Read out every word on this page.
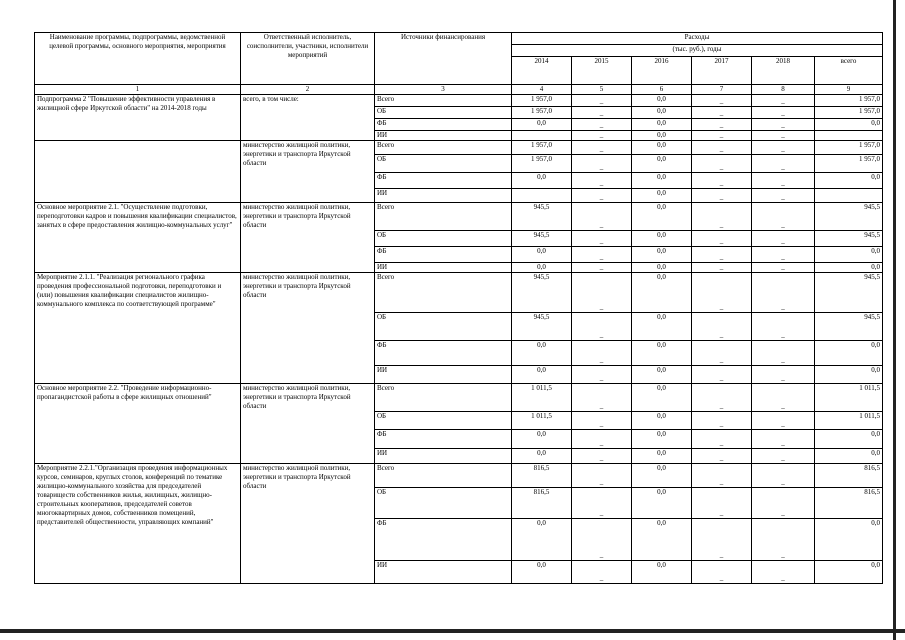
Наименование программы, подпрограммы, ведомственной целевой программы, основного мероприятия, мероприятия	Ответственный исполнитель, соисполнители, участники, исполнители мероприятий	Источники финансирования	Расходы					
			(тыс. руб.), годы					
			2014	2015	2016	2017	2018	всего
1	2	3	4	5	6	7	8	9
Подпрограмма 2 "Повышение эффективности управления в жилищной сфере Иркутской области" на 2014-2018 годы	всего, в том числе:	Всего	1 957,0	_	0,0	_	_	1 957,0
		ОБ	1 957,0	_	0,0	_	_	1 957,0
		ФБ	0,0	_	0,0	_	_	0,0
		ИИ		_	0,0	_	_	

	министерство жилищной политики, энергетики и транспорта Иркутской области	Всего	1 957,0	_	0,0	_	_	1 957,0
		ОБ	1 957,0	_	0,0	_	_	1 957,0
		ФБ	0,0	_	0,0	_	_	0,0
		ИИ		_	0,0	_	_	

Основное мероприятие 2.1. "Осуществление подготовки, переподготовки кадров и повышения квалификации специалистов, занятых в сфере предоставления жилищно-коммунальных услуг"	министерство жилищной политики, энергетики и транспорта Иркутской области	Всего	945,5	_	0,0	_	_	945,5
		ОБ	945,5	_	0,0	_	_	945,5
		ФБ	0,0	_	0,0	_	_	0,0
		ИИ	0,0	_	0,0	_	_	0,0
Мероприятие 2.1.1. "Реализация регионального графика проведения профессиональной подготовки, переподготовки и (или) повышения квалификации специалистов жилищно-коммунального комплекса по соответствующей программе"	министерство жилищной политики, энергетики и транспорта Иркутской области	Всего	945,5	_	0,0	_	_	945,5
		ОБ	945,5	_	0,0	_	_	945,5
		ФБ	0,0	_	0,0	_	_	0,0
		ИИ	0,0	_	0,0	_	_	0,0
Основное мероприятие 2.2. "Проведение информационно-пропагандистской работы в сфере жилищных отношений"	министерство жилищной политики, энергетики и транспорта Иркутской области	Всего	1 011,5	_	0,0	_	_	1 011,5
		ОБ	1 011,5	_	0,0	_	_	1 011,5
		ФБ	0,0	_	0,0	_	_	0,0
		ИИ	0,0	_	0,0	_	_	0,0
Мероприятие 2.2.1."Организация проведения информационных курсов, семинаров, круглых столов, конференций по тематике жилищно-коммунального хозяйства для председателей товариществ собственников жилья, жилищных, жилищно-строительных кооперативов, председателей советов многоквартирных домов, собственников помещений, представителей общественности, управляющих компаний"	министерство жилищной политики, энергетики и транспорта Иркутской области	Всего	816,5	_	0,0	_	_	816,5
		ОБ	816,5	_	0,0	_	_	816,5
		ФБ	0,0	_	0,0	_	_	0,0
		ИИ	0,0	_	0,0	_	_	0,0
